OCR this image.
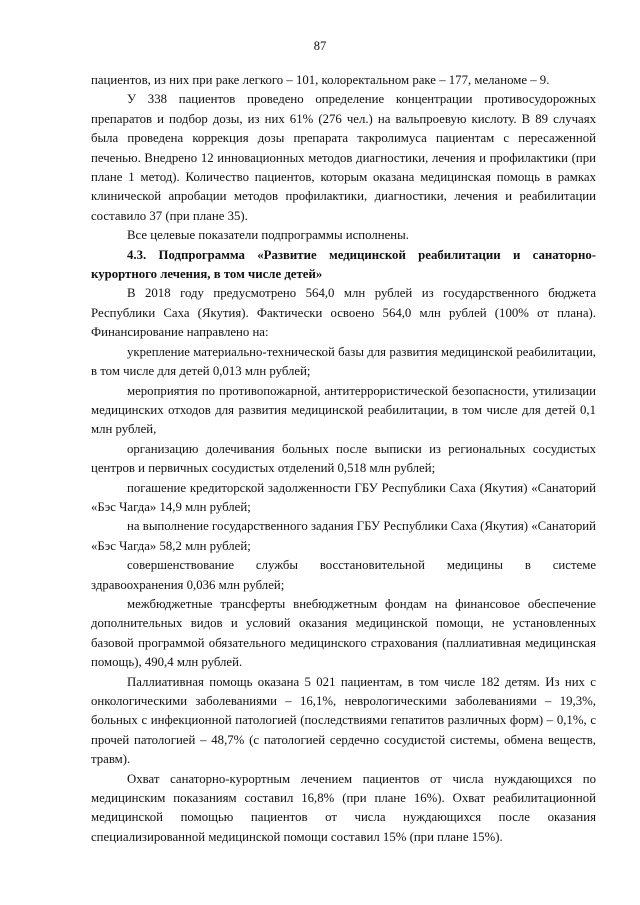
87

пациентов, из них при раке легкого – 101, колоректальном раке – 177, меланоме – 9.

У 338 пациентов проведено определение концентрации противосудорожных препаратов и подбор дозы, из них 61% (276 чел.) на вальпроевую кислоту. В 89 случаях была проведена коррекция дозы препарата такролимуса пациентам с пересаженной печенью. Внедрено 12 инновационных методов диагностики, лечения и профилактики (при плане 1 метод). Количество пациентов, которым оказана медицинская помощь в рамках клинической апробации методов профилактики, диагностики, лечения и реабилитации составило 37 (при плане 35).

Все целевые показатели подпрограммы исполнены.

4.3. Подпрограмма «Развитие медицинской реабилитации и санаторно-курортного лечения, в том числе детей»

В 2018 году предусмотрено 564,0 млн рублей из государственного бюджета Республики Саха (Якутия). Фактически освоено 564,0 млн рублей (100% от плана). Финансирование направлено на:

укрепление материально-технической базы для развития медицинской реабилитации, в том числе для детей 0,013 млн рублей;

мероприятия по противопожарной, антитеррористической безопасности, утилизации медицинских отходов для развития медицинской реабилитации, в том числе для детей 0,1 млн рублей,

организацию долечивания больных после выписки из региональных сосудистых центров и первичных сосудистых отделений 0,518 млн рублей;

погашение кредиторской задолженности ГБУ Республики Саха (Якутия) «Санаторий «Бэс Чагда» 14,9 млн рублей;

на выполнение государственного задания ГБУ Республики Саха (Якутия) «Санаторий «Бэс Чагда» 58,2 млн рублей;

совершенствование службы восстановительной медицины в системе здравоохранения 0,036 млн рублей;

межбюджетные трансферты внебюджетным фондам на финансовое обеспечение дополнительных видов и условий оказания медицинской помощи, не установленных базовой программой обязательного медицинского страхования (паллиативная медицинская помощь), 490,4 млн рублей.

Паллиативная помощь оказана 5 021 пациентам, в том числе 182 детям. Из них с онкологическими заболеваниями – 16,1%, неврологическими заболеваниями – 19,3%, больных с инфекционной патологией (последствиями гепатитов различных форм) – 0,1%, с прочей патологией – 48,7% (с патологией сердечно сосудистой системы, обмена веществ, травм).

Охват санаторно-курортным лечением пациентов от числа нуждающихся по медицинским показаниям составил 16,8% (при плане 16%). Охват реабилитационной медицинской помощью пациентов от числа нуждающихся после оказания специализированной медицинской помощи составил 15% (при плане 15%).
